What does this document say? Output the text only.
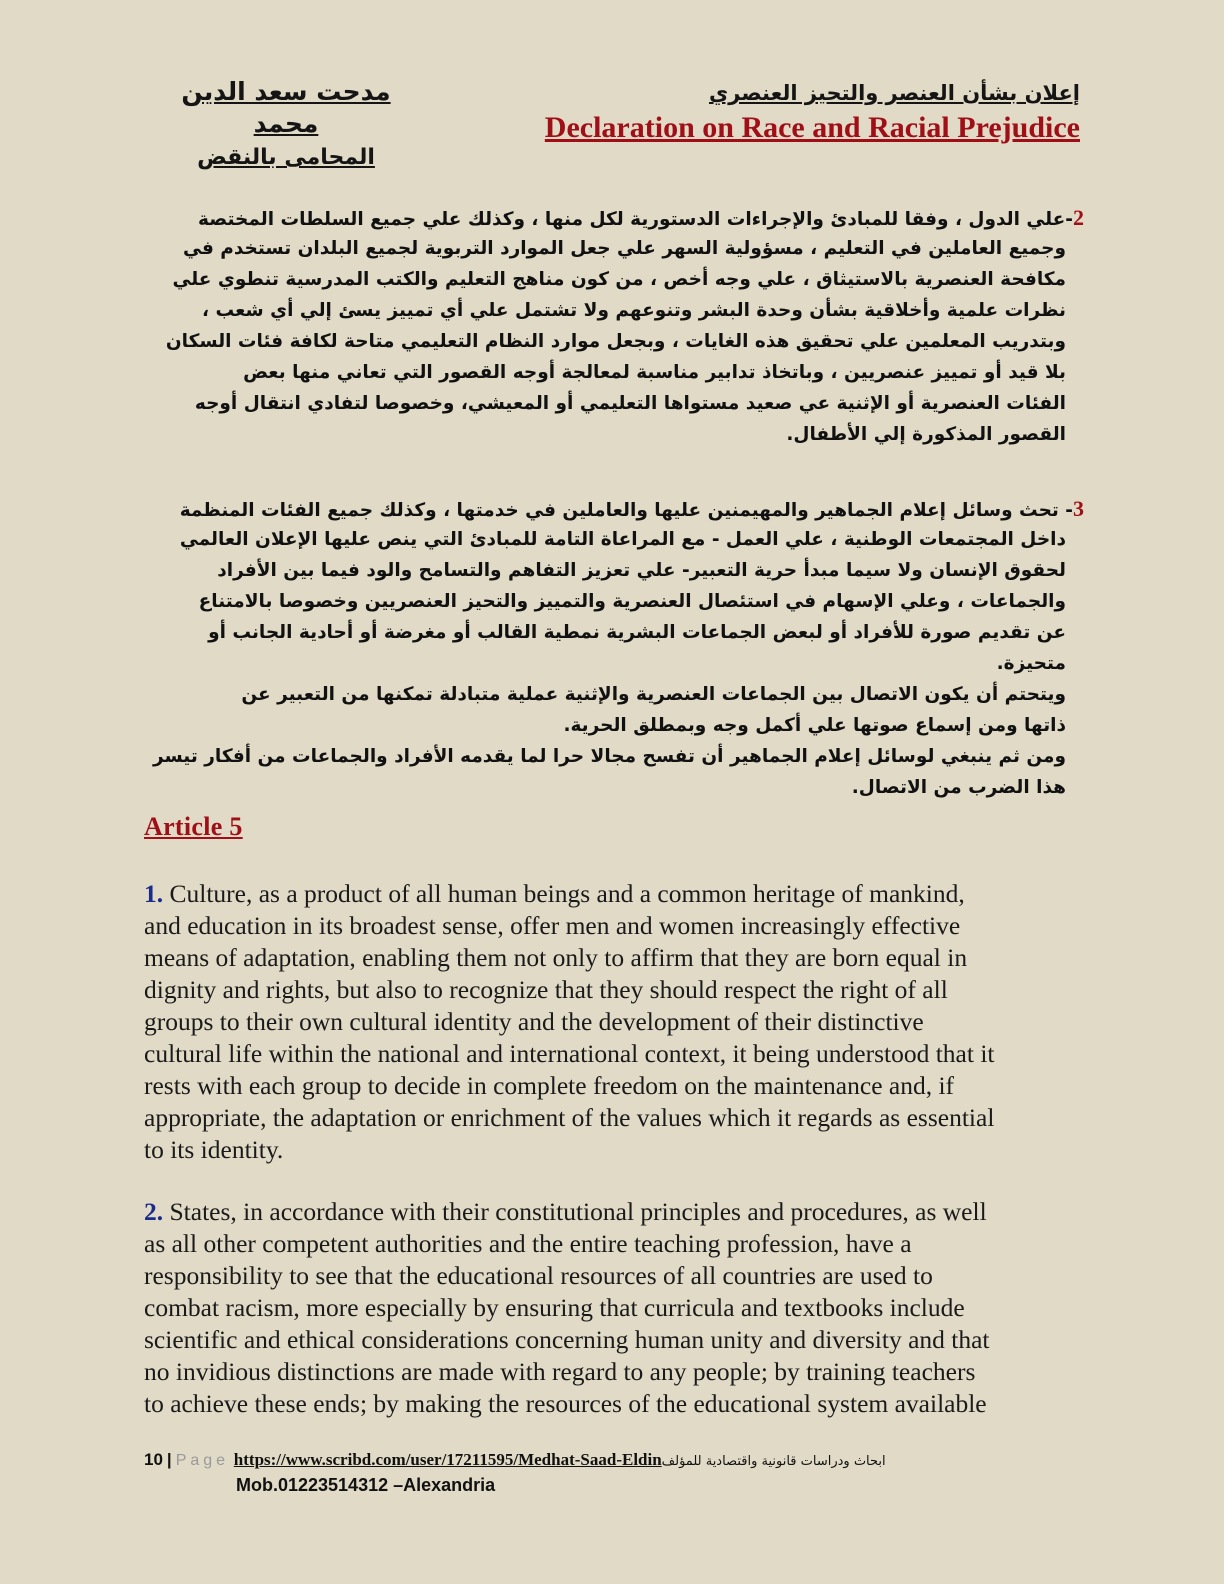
مدحت سعد الدين محمد
المحامى بالنقض
إعلان بشأن العنصر والتحيز العنصري
Declaration on Race and Racial Prejudice
2-علي الدول ، وفقا للمبادئ والإجراءات الدستورية لكل منها ، وكذلك علي جميع السلطات المختصة
وجميع العاملين في التعليم ، مسؤولية السهر علي جعل الموارد التربوية لجميع البلدان تستخدم في
مكافحة العنصرية بالاستيثاق ، علي وجه أخص ، من كون مناهج التعليم والكتب المدرسية تنطوي علي
نظرات علمية وأخلاقية بشأن وحدة البشر وتنوعهم ولا تشتمل علي أي تمييز يسئ إلي أي شعب ،
وبتدريب المعلمين علي تحقيق هذه الغايات ، وبجعل موارد النظام التعليمي متاحة لكافة فئات السكان
بلا قيد أو تمييز عنصريين ، وباتخاذ تدابير مناسبة لمعالجة أوجه القصور التي تعاني منها بعض
الفئات العنصرية أو الإثنية عي صعيد مستواها التعليمي أو المعيشي، وخصوصا لتفادي انتقال أوجه
القصور المذكورة إلي الأطفال.
3- تحث وسائل إعلام الجماهير والمهيمنين عليها والعاملين في خدمتها ، وكذلك جميع الفئات المنظمة
داخل المجتمعات الوطنية ، علي العمل - مع المراعاة التامة للمبادئ التي ينص عليها الإعلان العالمي
لحقوق الإنسان ولا سيما مبدأ حرية التعبير- علي تعزيز التفاهم والتسامح والود فيما بين الأفراد
والجماعات ، وعلي الإسهام في استئصال العنصرية والتمييز والتحيز العنصريين وخصوصا بالامتناع
عن تقديم صورة للأفراد أو لبعض الجماعات البشرية نمطية القالب أو مغرضة أو أحادية الجانب أو
متحيزة.
ويتحتم أن يكون الاتصال بين الجماعات العنصرية والإثنية عملية متبادلة تمكنها من التعبير عن
ذاتها ومن إسماع صوتها علي أكمل وجه وبمطلق الحرية.
ومن ثم ينبغي لوسائل إعلام الجماهير أن تفسح مجالا حرا لما يقدمه الأفراد والجماعات من أفكار تيسر
هذا الضرب من الاتصال.
Article 5
1. Culture, as a product of all human beings and a common heritage of mankind,
and education in its broadest sense, offer men and women increasingly effective
means of adaptation, enabling them not only to affirm that they are born equal in
dignity and rights, but also to recognize that they should respect the right of all
groups to their own cultural identity and the development of their distinctive
cultural life within the national and international context, it being understood that it
rests with each group to decide in complete freedom on the maintenance and, if
appropriate, the adaptation or enrichment of the values which it regards as essential
to its identity.
2. States, in accordance with their constitutional principles and procedures, as well
as all other competent authorities and the entire teaching profession, have a
responsibility to see that the educational resources of all countries are used to
combat racism, more especially by ensuring that curricula and textbooks include
scientific and ethical considerations concerning human unity and diversity and that
no invidious distinctions are made with regard to any people; by training teachers
to achieve these ends; by making the resources of the educational system available
10 | Page https://www.scribd.com/user/17211595/Medhat-Saad-Eldinابحاث ودراسات قانونية واقتصادية للمؤلف
Mob.01223514312 –Alexandria
